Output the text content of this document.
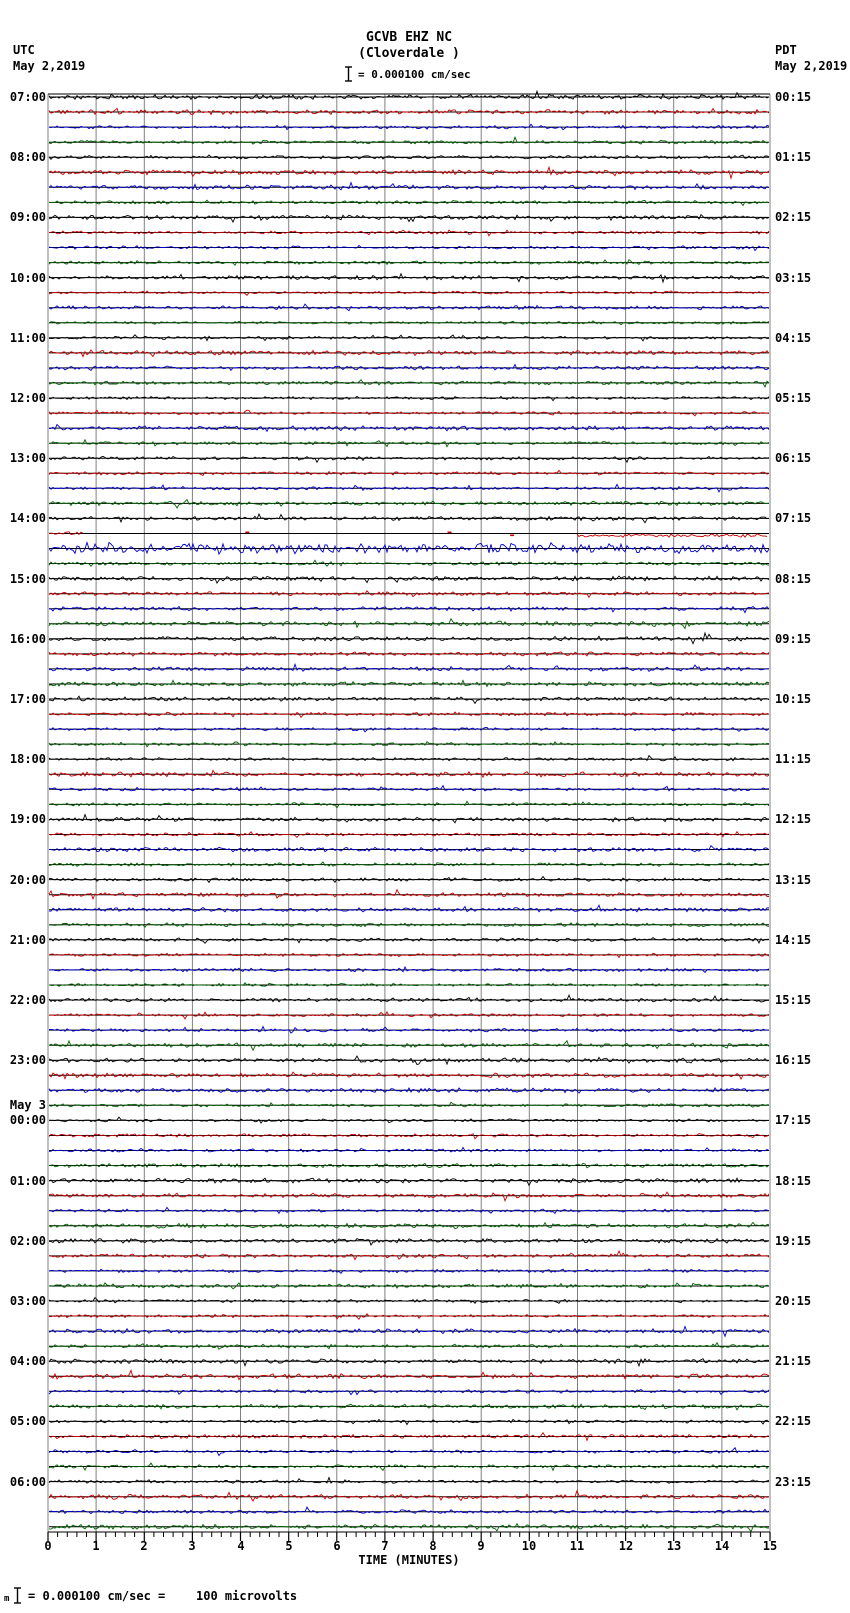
GCVB EHZ NC
(Cloverdale )
= 0.000100 cm/sec
UTC
May 2,2019
PDT
May 2,2019
07:00
08:00
09:00
10:00
11:00
12:00
13:00
14:00
15:00
16:00
17:00
18:00
19:00
20:00
21:00
22:00
23:00
May 3
00:00
01:00
02:00
03:00
04:00
05:00
06:00
00:15
01:15
02:15
03:15
04:15
05:15
06:15
07:15
08:15
09:15
10:15
11:15
12:15
13:15
14:15
15:15
16:15
17:15
18:15
19:15
20:15
21:15
22:15
23:15
0	1	2	3	4	5	6	7	8	9	10	11	12	13	14	15
TIME (MINUTES)
m = 0.000100 cm/sec =	100 microvolts
